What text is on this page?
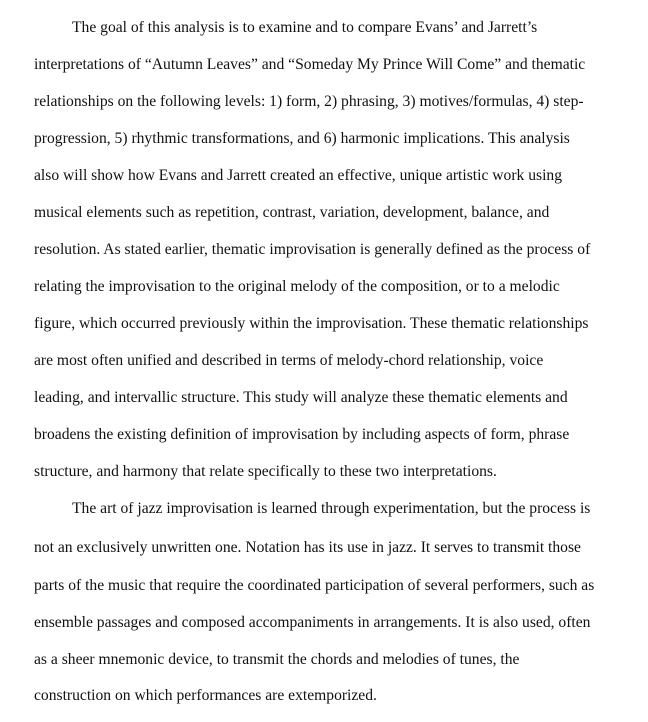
The goal of this analysis is to examine and to compare Evans’ and Jarrett’s
interpretations of “Autumn Leaves” and “Someday My Prince Will Come” and thematic
relationships on the following levels: 1) form, 2) phrasing, 3) motives/formulas, 4) step-
progression, 5) rhythmic transformations, and 6) harmonic implications. This analysis
also will show how Evans and Jarrett created an effective, unique artistic work using
musical elements such as repetition, contrast, variation, development, balance, and
resolution. As stated earlier, thematic improvisation is generally defined as the process of
relating the improvisation to the original melody of the composition, or to a melodic
figure, which occurred previously within the improvisation. These thematic relationships
are most often unified and described in terms of melody-chord relationship, voice
leading, and intervallic structure. This study will analyze these thematic elements and
broadens the existing definition of improvisation by including aspects of form, phrase
structure, and harmony that relate specifically to these two interpretations.
The art of jazz improvisation is learned through experimentation, but the process is
not an exclusively unwritten one. Notation has its use in jazz. It serves to transmit those
parts of the music that require the coordinated participation of several performers, such as
ensemble passages and composed accompaniments in arrangements. It is also used, often
as a sheer mnemonic device, to transmit the chords and melodies of tunes, the
construction on which performances are extemporized.
